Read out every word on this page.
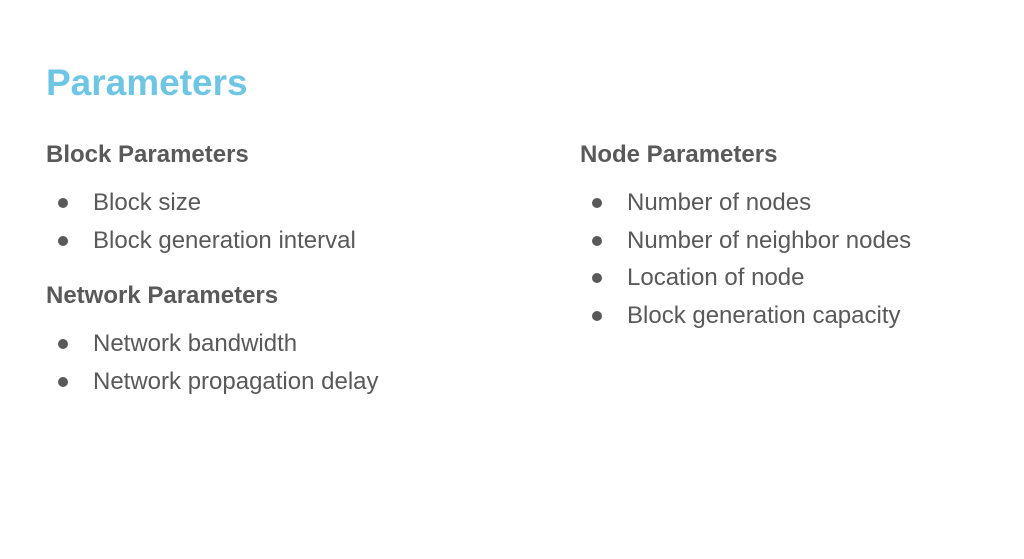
Parameters
Block Parameters
Block size
Block generation interval
Network Parameters
Network bandwidth
Network propagation delay
Node Parameters
Number of nodes
Number of neighbor nodes
Location of node
Block generation capacity
